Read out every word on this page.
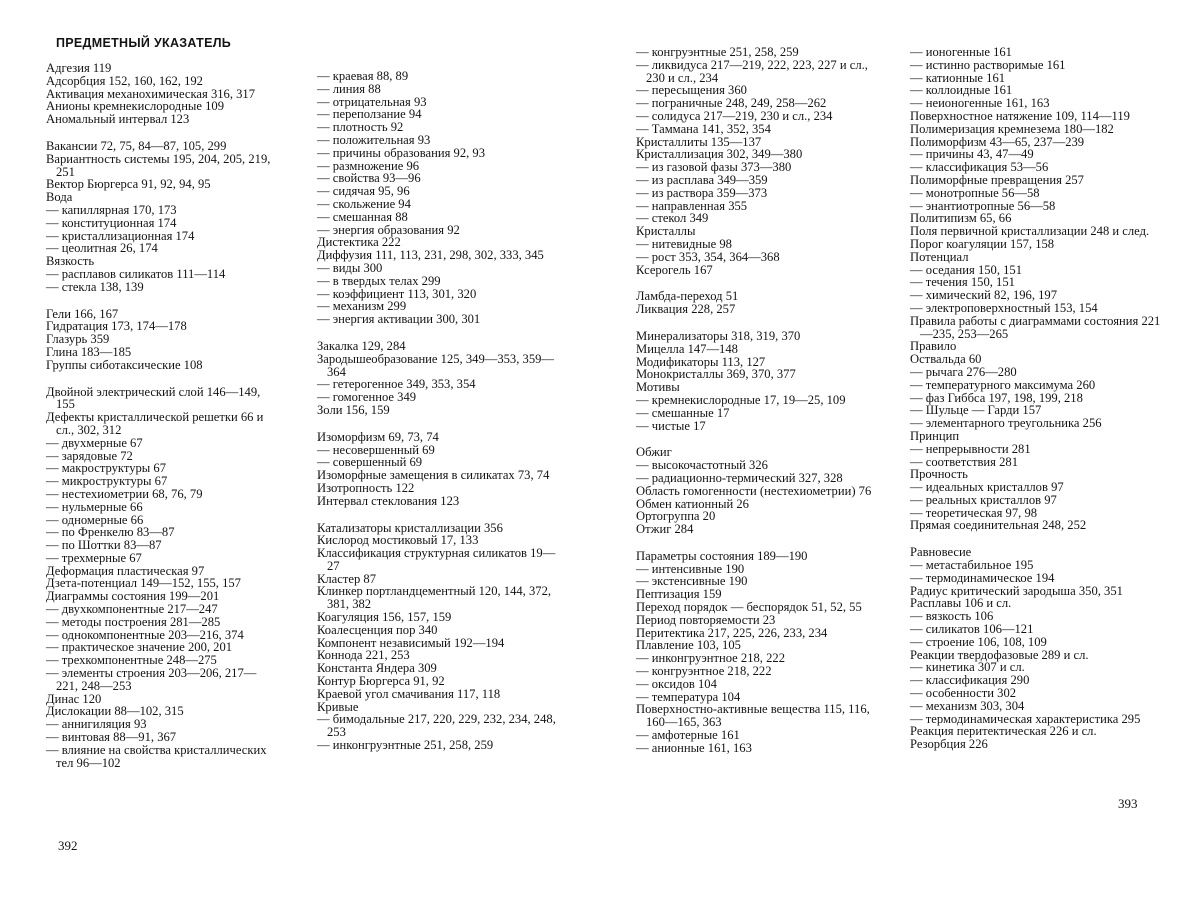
ПРЕДМЕТНЫЙ УКАЗАТЕЛЬ
Адгезия 119
Адсорбция 152, 160, 162, 192
Активация механохимическая 316, 317
Анионы кремнекислородные 109
Аномальный интервал 123
Вакансии 72, 75, 84—87, 105, 299
Вариантность системы 195, 204, 205, 219, 251
Вектор Бюргерса 91, 92, 94, 95
Вода
— капиллярная 170, 173
— конституционная 174
— кристаллизационная 174
— цеолитная 26, 174
Вязкость
— расплавов силикатов 111—114
— стекла 138, 139
Гели 166, 167
Гидратация 173, 174—178
Глазурь 359
Глина 183—185
Группы сиботаксические 108
Двойной электрический слой 146—149, 155
Дефекты кристаллической решетки 66 и сл., 302, 312
— двухмерные 67
— зарядовые 72
— макроструктуры 67
— микроструктуры 67
— нестехиометрии 68, 76, 79
— нульмерные 66
— одномерные 66
— по Френкелю 83—87
— по Шоттки 83—87
— трехмерные 67
Деформация пластическая 97
Дзета-потенциал 149—152, 155, 157
Диаграммы состояния 199—201
— двухкомпонентные 217—247
— методы построения 281—285
— однокомпонентные 203—216, 374
— практическое значение 200, 201
— трехкомпонентные 248—275
— элементы строения 203—206, 217—221, 248—253
Динас 120
Дислокации 88—102, 315
— аннигиляция 93
— винтовая 88—91, 367
— влияние на свойства кристаллических тел 96—102
— краевая 88, 89
— линия 88
— отрицательная 93
— переползание 94
— плотность 92
— положительная 93
— причины образования 92, 93
— размножение 96
— свойства 93—96
— сидячая 95, 96
— скольжение 94
— смешанная 88
— энергия образования 92
Дистектика 222
Диффузия 111, 113, 231, 298, 302, 333, 345
— виды 300
— в твердых телах 299
— коэффициент 113, 301, 320
— механизм 299
— энергия активации 300, 301
Закалка 129, 284
Зародышеобразование 125, 349—353, 359—364
— гетерогенное 349, 353, 354
— гомогенное 349
Золи 156, 159
Изоморфизм 69, 73, 74
— несовершенный 69
— совершенный 69
Изоморфные замещения в силикатах 73, 74
Изотропность 122
Интервал стеклования 123
Катализаторы кристаллизации 356
Кислород мостиковый 17, 133
Классификация структурная силикатов 19—27
Кластер 87
Клинкер портландцементный 120, 144, 372, 381, 382
Коагуляция 156, 157, 159
Коалесценция пор 340
Компонент независимый 192—194
Коннода 221, 253
Константа Яндера 309
Контур Бюргерса 91, 92
Краевой угол смачивания 117, 118
Кривые
— бимодальные 217, 220, 229, 232, 234, 248, 253
— инконгруэнтные 251, 258, 259
— конгруэнтные 251, 258, 259
— ликвидуса 217—219, 222, 223, 227 и сл., 230 и сл., 234
— пересыщения 360
— пограничные 248, 249, 258—262
— солидуса 217—219, 230 и сл., 234
— Таммана 141, 352, 354
Кристаллиты 135—137
Кристаллизация 302, 349—380
— из газовой фазы 373—380
— из расплава 349—359
— из раствора 359—373
— направленная 355
— стекол 349
Кристаллы
— нитевидные 98
— рост 353, 354, 364—368
Ксерогель 167
Ламбда-переход 51
Ликвация 228, 257
Минерализаторы 318, 319, 370
Мицелла 147—148
Модификаторы 113, 127
Монокристаллы 369, 370, 377
Мотивы
— кремнекислородные 17, 19—25, 109
— смешанные 17
— чистые 17
Обжиг
— высокочастотный 326
— радиационно-термический 327, 328
Область гомогенности (нестехиометрии) 76
Обмен катионный 26
Ортогруппа 20
Отжиг 284
Параметры состояния 189—190
— интенсивные 190
— экстенсивные 190
Пептизация 159
Переход порядок — беспорядок 51, 52, 55
Период повторяемости 23
Перитектика 217, 225, 226, 233, 234
Плавление 103, 105
— инконгруэнтное 218, 222
— конгруэнтное 218, 222
— оксидов 104
— температура 104
Поверхностно-активные вещества 115, 116, 160—165, 363
— амфотерные 161
— анионные 161, 163
— ионогенные 161
— истинно растворимые 161
— катионные 161
— коллоидные 161
— неионогенные 161, 163
Поверхностное натяжение 109, 114—119
Полимеризация кремнезема 180—182
Полиморфизм 43—65, 237—239
— причины 43, 47—49
— классификация 53—56
Полиморфные превращения 257
— монотропные 56—58
— энантиотропные 56—58
Политипизм 65, 66
Поля первичной кристаллизации 248 и след.
Порог коагуляции 157, 158
Потенциал
— оседания 150, 151
— течения 150, 151
— химический 82, 196, 197
— электроповерхностный 153, 154
Правила работы с диаграммами состояния 221—235, 253—265
Правило
Оствальда 60
— рычага 276—280
— температурного максимума 260
— фаз Гиббса 197, 198, 199, 218
— Шульце — Гарди 157
— элементарного треугольника 256
Принцип
— непрерывности 281
— соответствия 281
Прочность
— идеальных кристаллов 97
— реальных кристаллов 97
— теоретическая 97, 98
Прямая соединительная 248, 252
Равновесие
— метастабильное 195
— термодинамическое 194
Радиус критический зародыша 350, 351
Расплавы 106 и сл.
— вязкость 106
— силикатов 106—121
— строение 106, 108, 109
Реакции твердофазовые 289 и сл.
— кинетика 307 и сл.
— классификация 290
— особенности 302
— механизм 303, 304
— термодинамическая характеристика 295
Реакция перитектическая 226 и сл.
Резорбция 226
392
393
